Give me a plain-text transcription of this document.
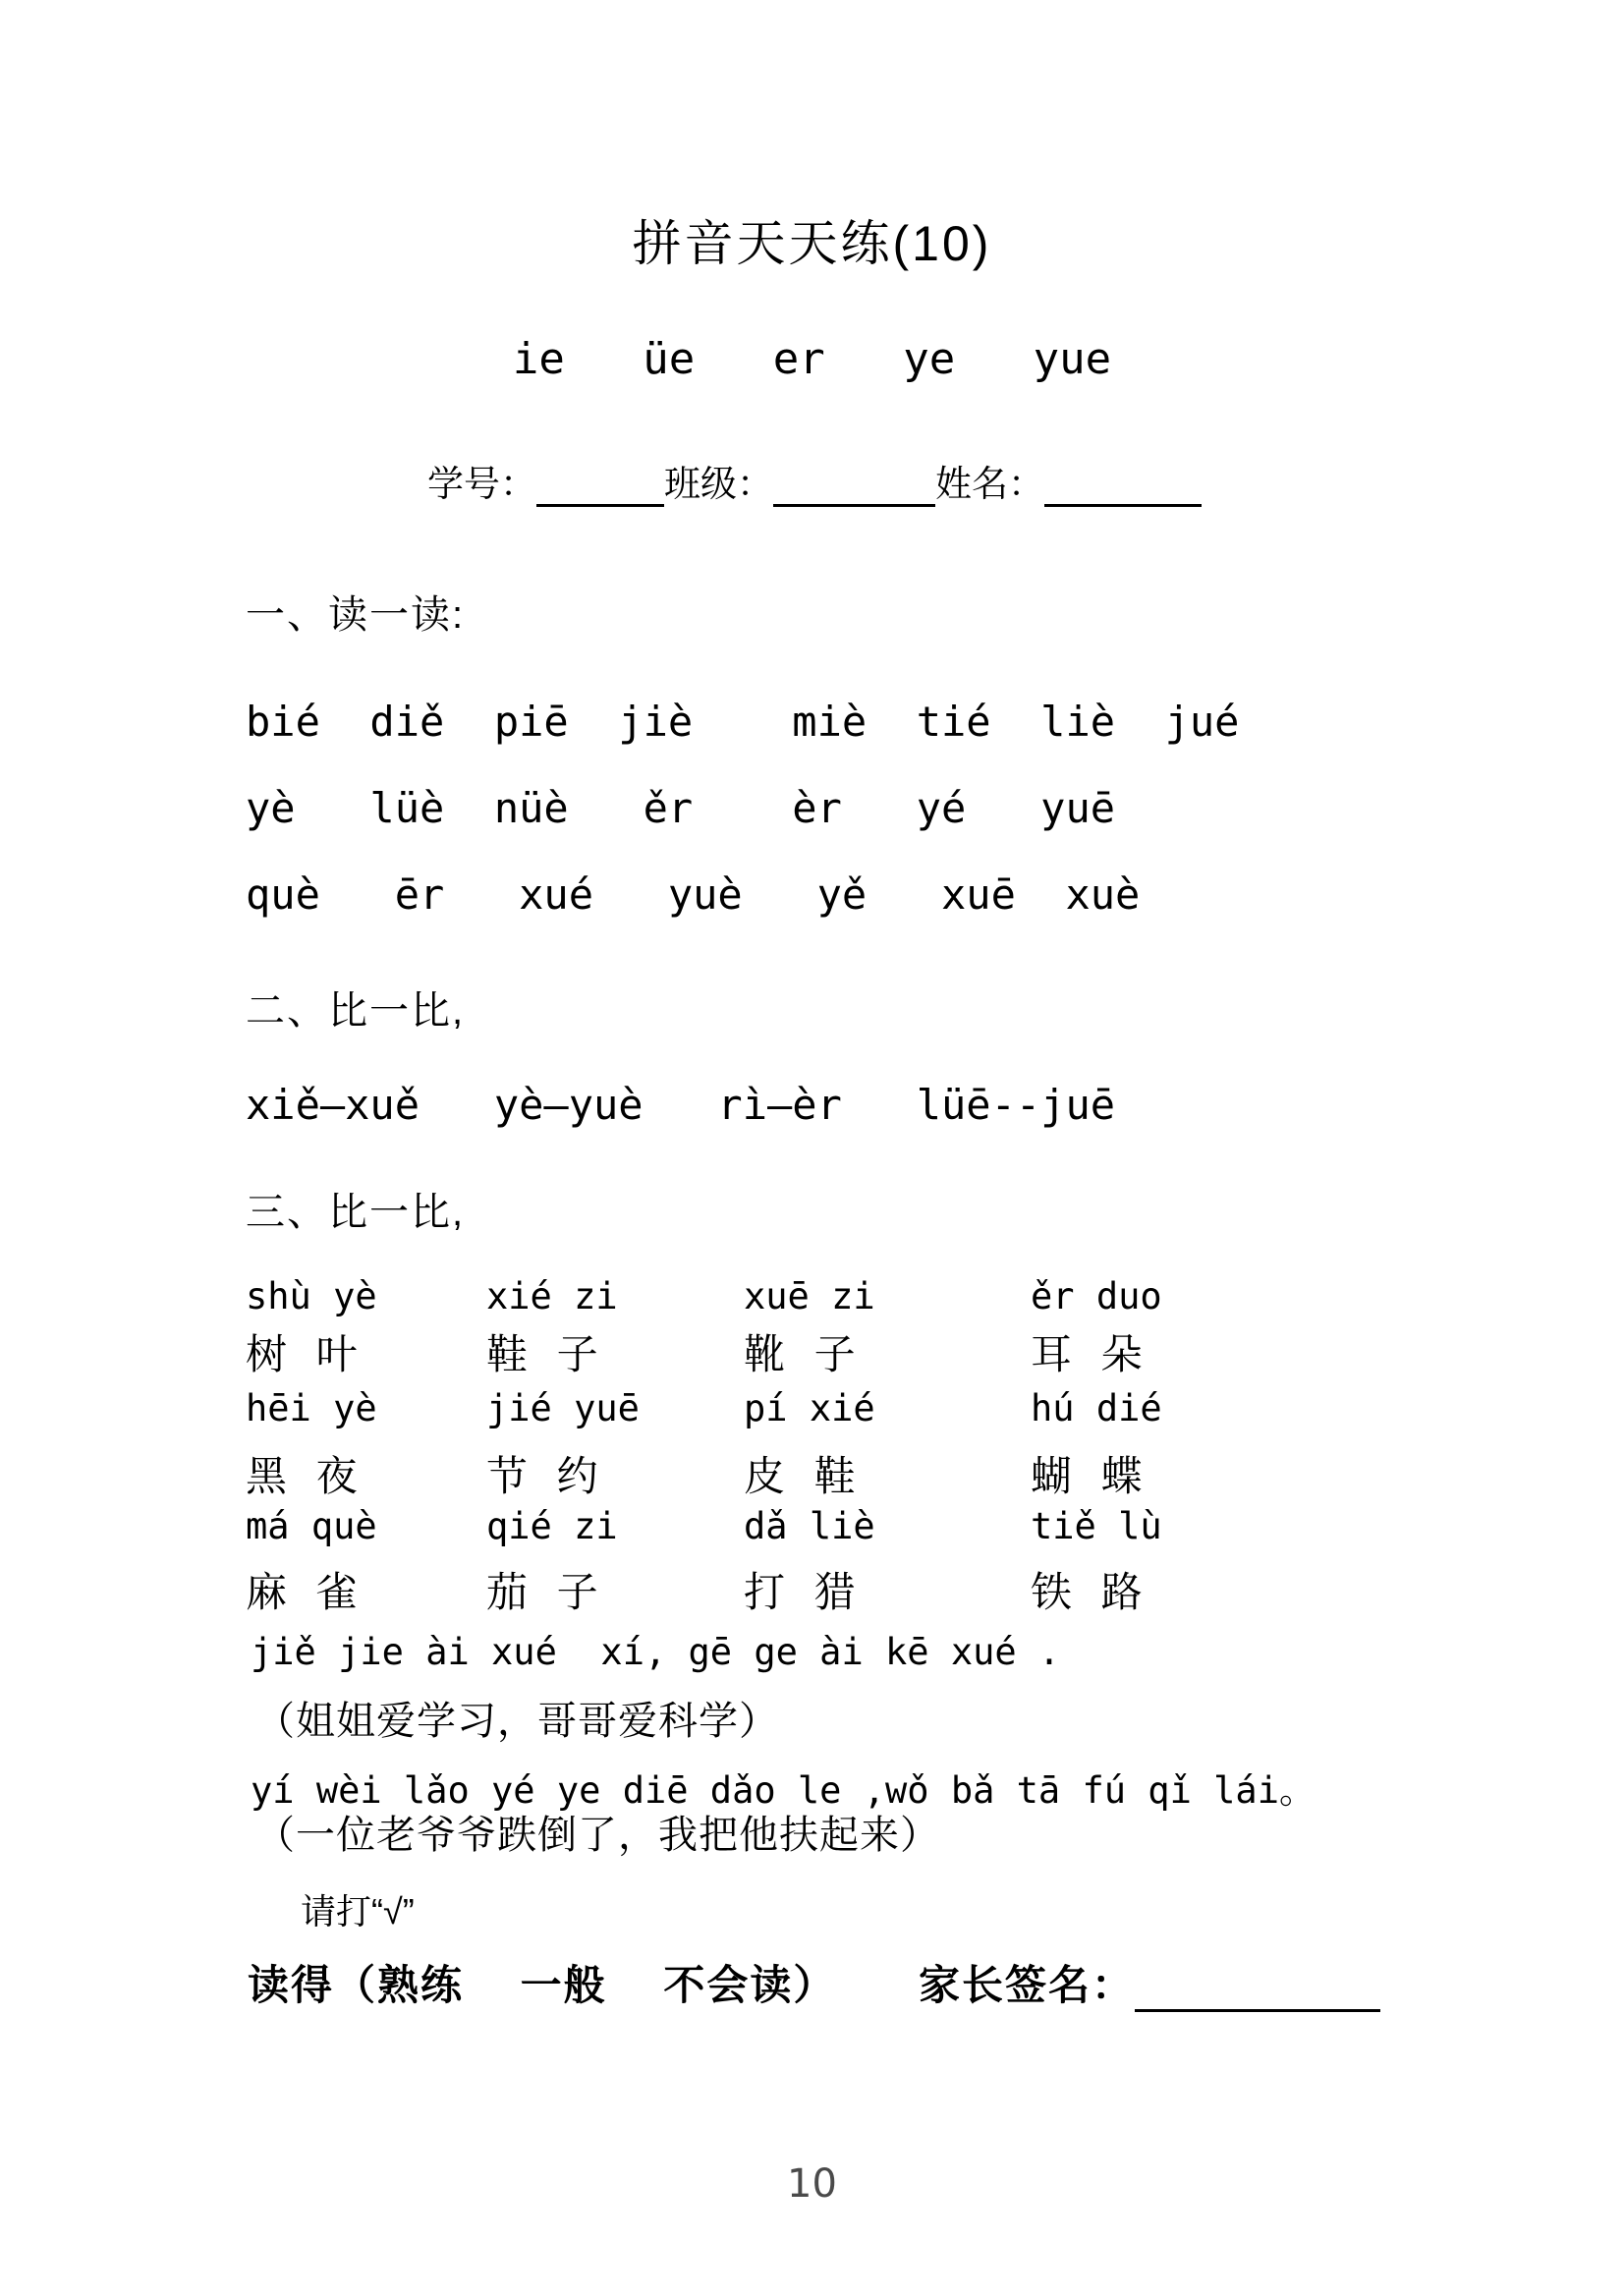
拼音天天练(10)
ie   üe   er   ye   yue
学号：	班级：	姓名：
一、读一读:
bié  diě  piē  jiè    miè  tié  liè  jué
yè   lüè  nüè   ěr    èr   yé   yuē
què   ēr   xué   yuè   yě   xuē  xuè
二、比一比,
xiě—xuě   yè—yuè   rì—èr   lüē--juē
三、比一比,
shù yè	xié zi	xuē zi	ěr duo
树 叶	鞋 子	靴 子	耳 朵
hēi yè	jié yuē	pí xié	hú dié
黑 夜	节 约	皮 鞋	蝴 蝶
má què	qié zi	dǎ liè	tiě lù
麻 雀	茄 子	打 猎	铁 路
jiě jie ài xué  xí, gē ge ài kē xué .
（姐姐爱学习，哥哥爱科学）
yí wèi lǎo yé ye diē dǎo le ,wǒ bǎ tā fú qǐ lái。
（一位老爷爷跌倒了，我把他扶起来）
请打“√”
读得（熟练　 一般　 不会读） 家长签名：
10
